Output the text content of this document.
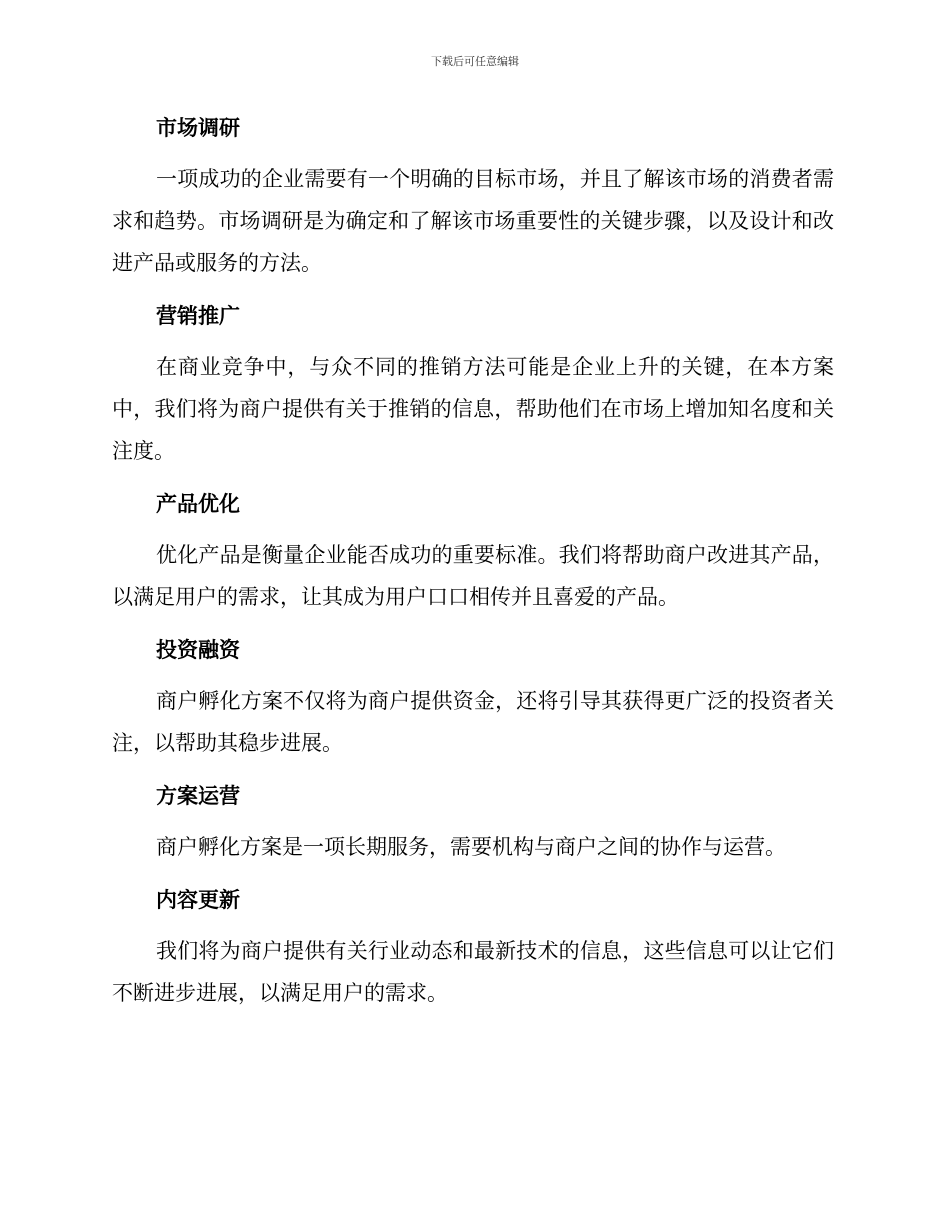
下载后可任意编辑
市场调研
一项成功的企业需要有一个明确的目标市场，并且了解该市场的消费者需求和趋势。市场调研是为确定和了解该市场重要性的关键步骤，以及设计和改进产品或服务的方法。
营销推广
在商业竞争中，与众不同的推销方法可能是企业上升的关键，在本方案中，我们将为商户提供有关于推销的信息，帮助他们在市场上增加知名度和关注度。
产品优化
优化产品是衡量企业能否成功的重要标准。我们将帮助商户改进其产品，以满足用户的需求，让其成为用户口口相传并且喜爱的产品。
投资融资
商户孵化方案不仅将为商户提供资金，还将引导其获得更广泛的投资者关注，以帮助其稳步进展。
方案运营
商户孵化方案是一项长期服务，需要机构与商户之间的协作与运营。
内容更新
我们将为商户提供有关行业动态和最新技术的信息，这些信息可以让它们不断进步进展，以满足用户的需求。
